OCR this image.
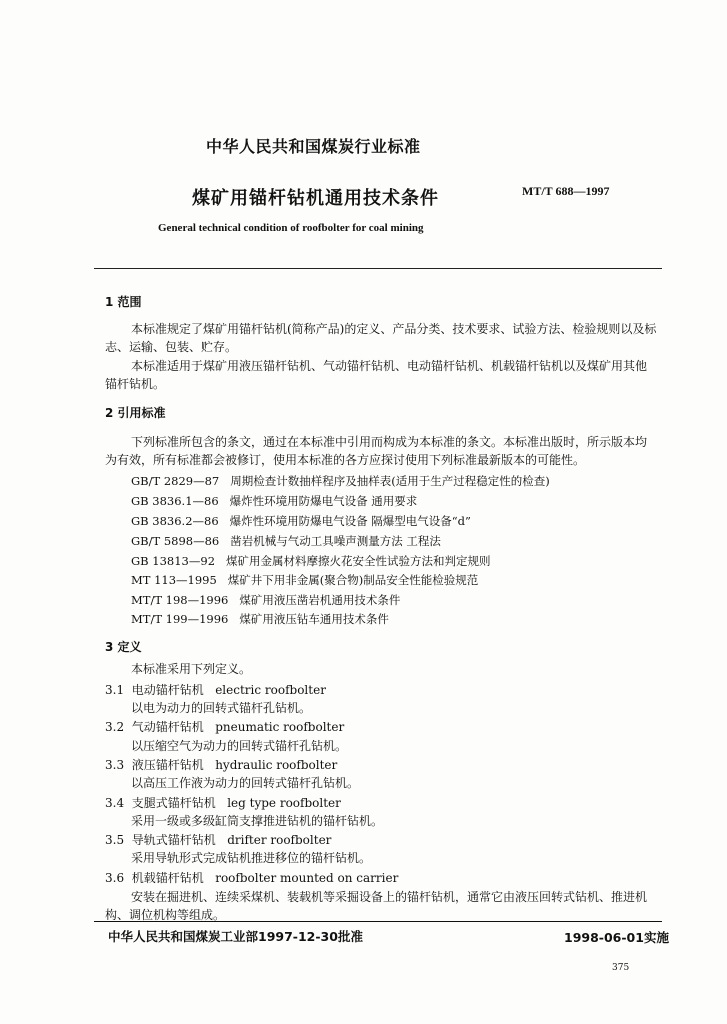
中华人民共和国煤炭行业标准
煤矿用锚杆钻机通用技术条件	MT/T 688—1997
General technical condition of roofbolter for coal mining
1 范围
本标准规定了煤矿用锚杆钻机(简称产品)的定义、产品分类、技术要求、试验方法、检验规则以及标
志、运输、包装、贮存。
本标准适用于煤矿用液压锚杆钻机、气动锚杆钻机、电动锚杆钻机、机载锚杆钻机以及煤矿用其他
锚杆钻机。
2 引用标准
下列标准所包含的条文，通过在本标准中引用而构成为本标准的条文。本标准出版时，所示版本均
为有效，所有标准都会被修订，使用本标准的各方应探讨使用下列标准最新版本的可能性。
GB/T 2829—87 周期检查计数抽样程序及抽样表(适用于生产过程稳定性的检查)
GB 3836.1—86 爆炸性环境用防爆电气设备 通用要求
GB 3836.2—86 爆炸性环境用防爆电气设备 隔爆型电气设备“d”
GB/T 5898—86 凿岩机械与气动工具噪声测量方法 工程法
GB 13813—92 煤矿用金属材料摩擦火花安全性试验方法和判定规则
MT 113—1995 煤矿井下用非金属(聚合物)制品安全性能检验规范
MT/T 198—1996 煤矿用液压凿岩机通用技术条件
MT/T 199—1996 煤矿用液压钻车通用技术条件
3 定义
本标准采用下列定义。
3.1 电动锚杆钻机 electric roofbolter
以电为动力的回转式锚杆孔钻机。
3.2 气动锚杆钻机 pneumatic roofbolter
以压缩空气为动力的回转式锚杆孔钻机。
3.3 液压锚杆钻机 hydraulic roofbolter
以高压工作液为动力的回转式锚杆孔钻机。
3.4 支腿式锚杆钻机 leg type roofbolter
采用一级或多级缸筒支撑推进钻机的锚杆钻机。
3.5 导轨式锚杆钻机 drifter roofbolter
采用导轨形式完成钻机推进移位的锚杆钻机。
3.6 机载锚杆钻机 roofbolter mounted on carrier
安装在掘进机、连续采煤机、装载机等采掘设备上的锚杆钻机，通常它由液压回转式钻机、推进机
构、调位机构等组成。
中华人民共和国煤炭工业部1997-12-30批准	1998-06-01实施
375
